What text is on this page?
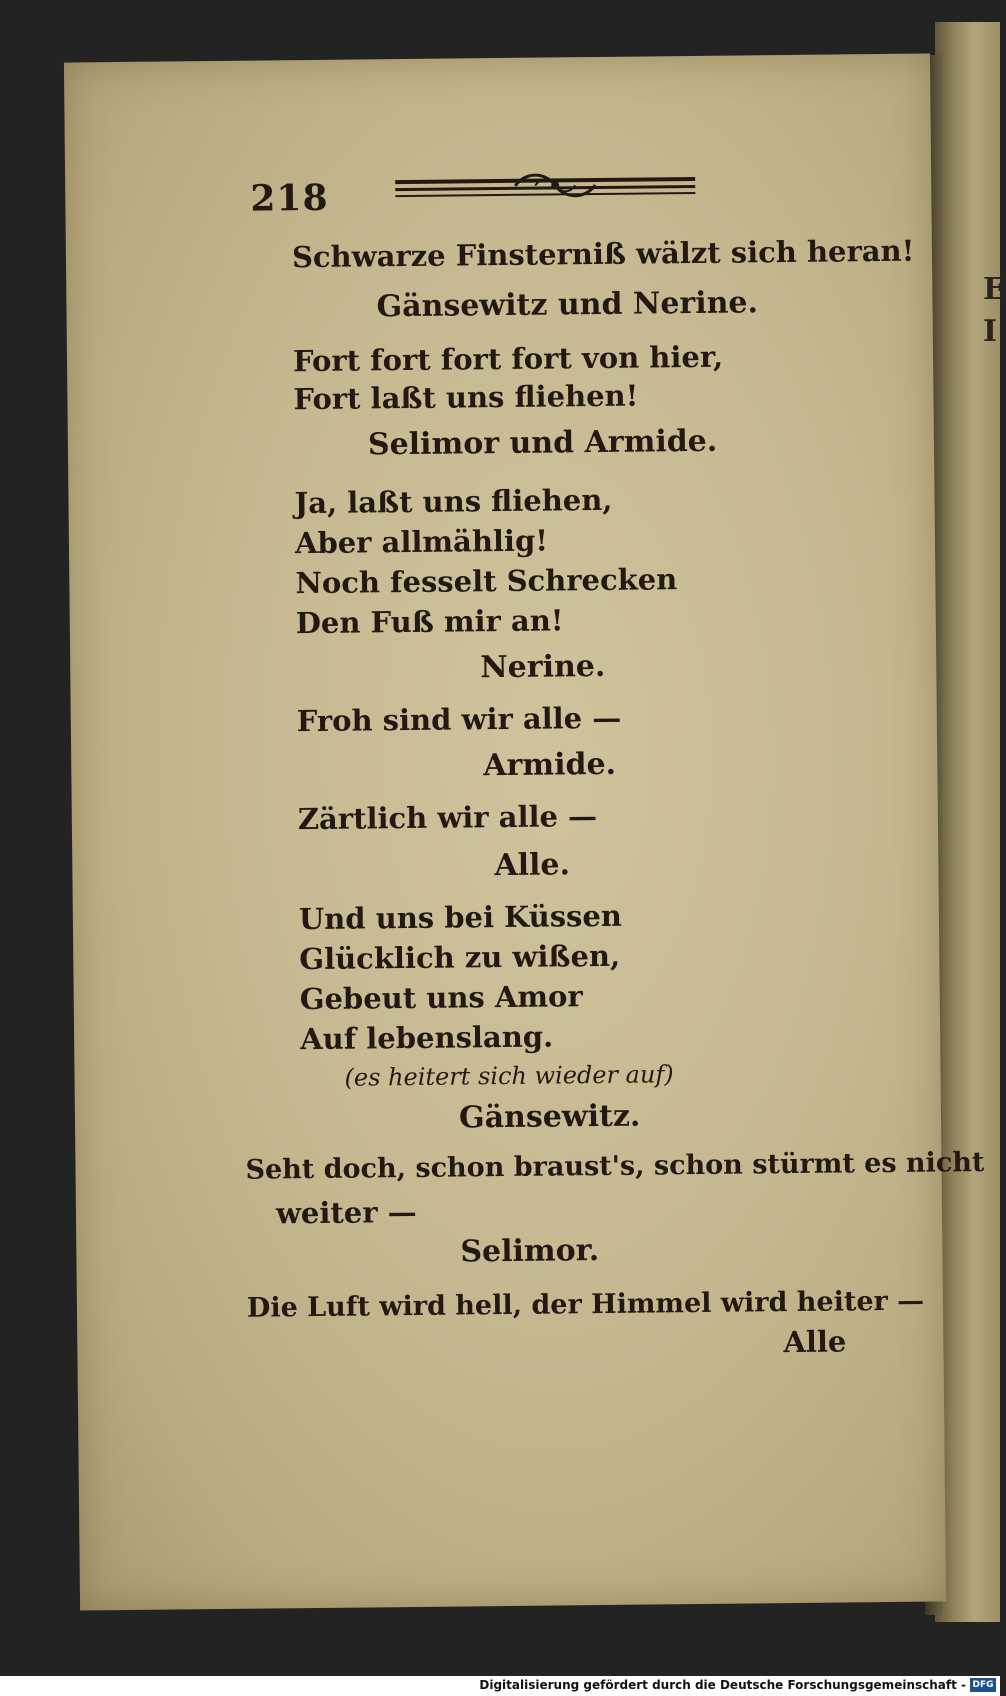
E
I
218
Schwarze Finsterniß wälzt sich heran!
Gänsewitz und Nerine.
Fort fort fort fort von hier,
Fort laßt uns fliehen!
Selimor und Armide.
Ja, laßt uns fliehen,
Aber allmählig!
Noch fesselt Schrecken
Den Fuß mir an!
Nerine.
Froh sind wir alle —
Armide.
Zärtlich wir alle —
Alle.
Und uns bei Küssen
Glücklich zu wißen,
Gebeut uns Amor
Auf lebenslang.
(es heitert sich wieder auf)
Gänsewitz.
Seht doch, schon braust's, schon stürmt es nicht
weiter —
Selimor.
Die Luft wird hell, der Himmel wird heiter —
Alle
Digitalisierung gefördert durch die Deutsche Forschungsgemeinschaft - DFG
